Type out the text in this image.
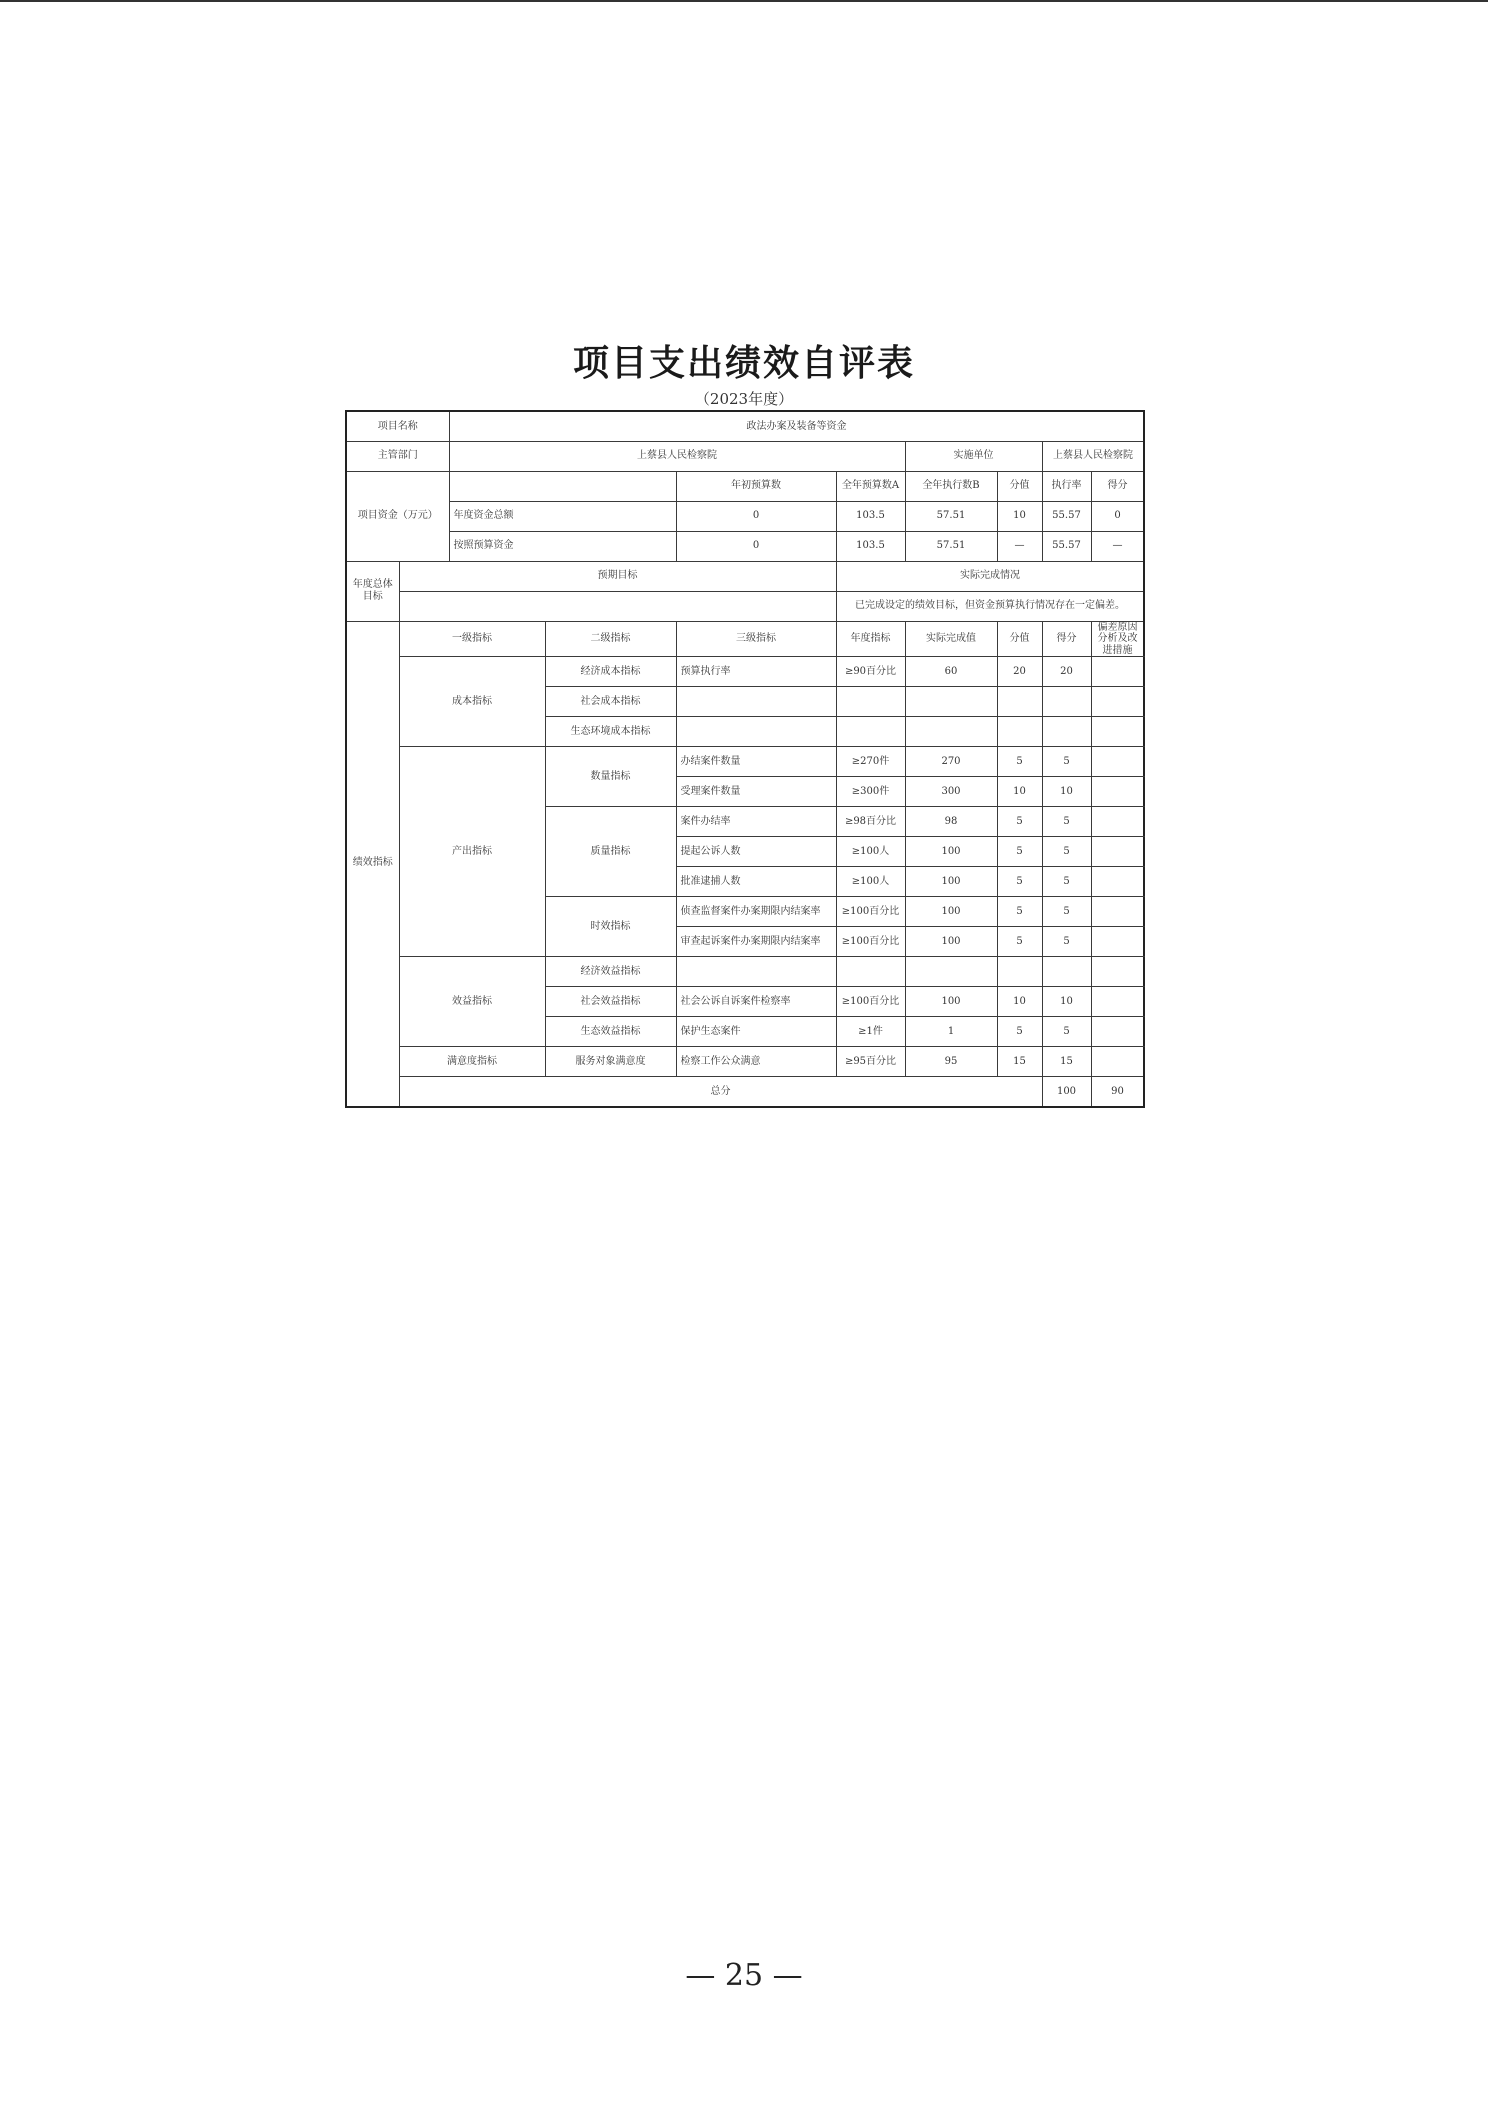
项目支出绩效自评表
（2023年度）
项目名称		政法办案及装备等资金								
主管部门		上蔡县人民检察院				实施单位		上蔡县人民检察院		
项目资金（万元）				年初预算数	全年预算数A	全年执行数B	分值	执行率	得分	
		年度资金总额		0	103.5	57.51	10	55.57	0	
		按照预算资金		0	103.5	57.51	—	55.57	—	
年度总体目标	预期目标				实际完成情况					
					已完成设定的绩效目标，但资金预算执行情况存在一定偏差。					
绩效指标	一级指标		二级指标	三级指标	年度指标	实际完成值	分值	得分	偏差原因分析及改进措施	
	成本指标		经济成本指标	预算执行率	≥90百分比	60	20	20		
			社会成本指标							
			生态环境成本指标							
	产出指标		数量指标	办结案件数量	≥270件	270	5	5		
				受理案件数量	≥300件	300	10	10		
			质量指标	案件办结率	≥98百分比	98	5	5		
				提起公诉人数	≥100人	100	5	5		
				批准逮捕人数	≥100人	100	5	5		
			时效指标	侦查监督案件办案期限内结案率	≥100百分比	100	5	5		
				审查起诉案件办案期限内结案率	≥100百分比	100	5	5		
	效益指标		经济效益指标							
			社会效益指标	社会公诉自诉案件检察率	≥100百分比	100	10	10		
			生态效益指标	保护生态案件	≥1件	1	5	5		
	满意度指标		服务对象满意度	检察工作公众满意	≥95百分比	95	15	15		
	总分							100	90	
— 25 —
